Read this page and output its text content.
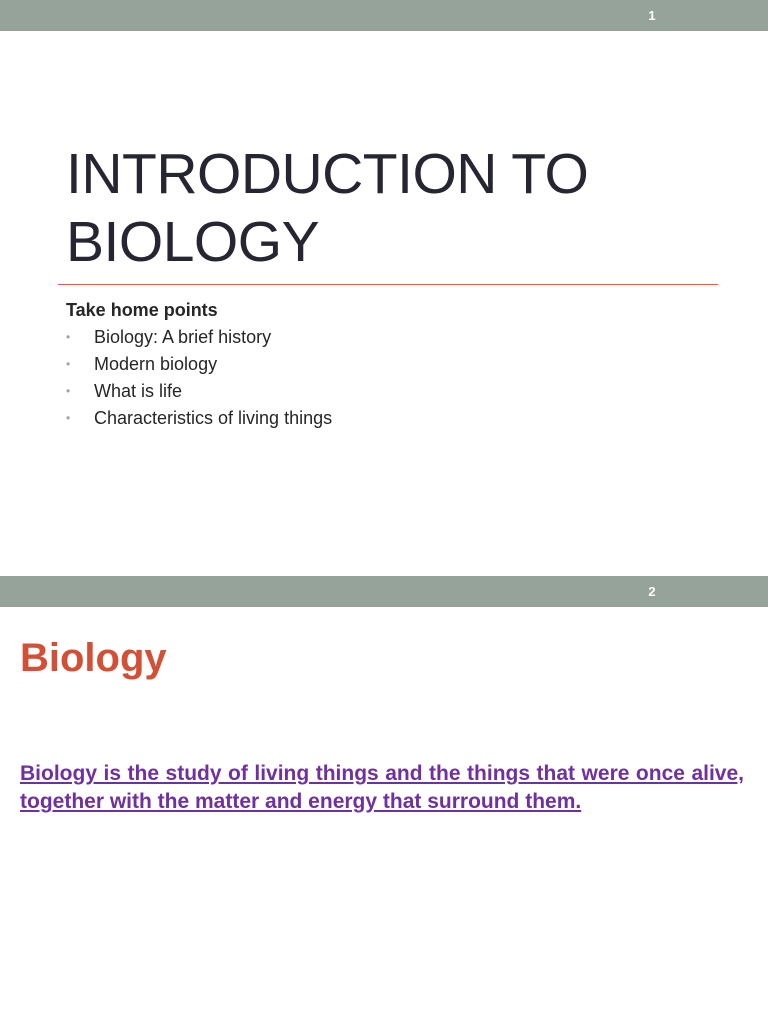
1
INTRODUCTION TO
BIOLOGY
Take home points
• Biology: A brief history
• Modern biology
• What is life
• Characteristics of living things
2
Biology
Biology is the study of living things and the things that were once alive, together with the matter and energy that surround them.
